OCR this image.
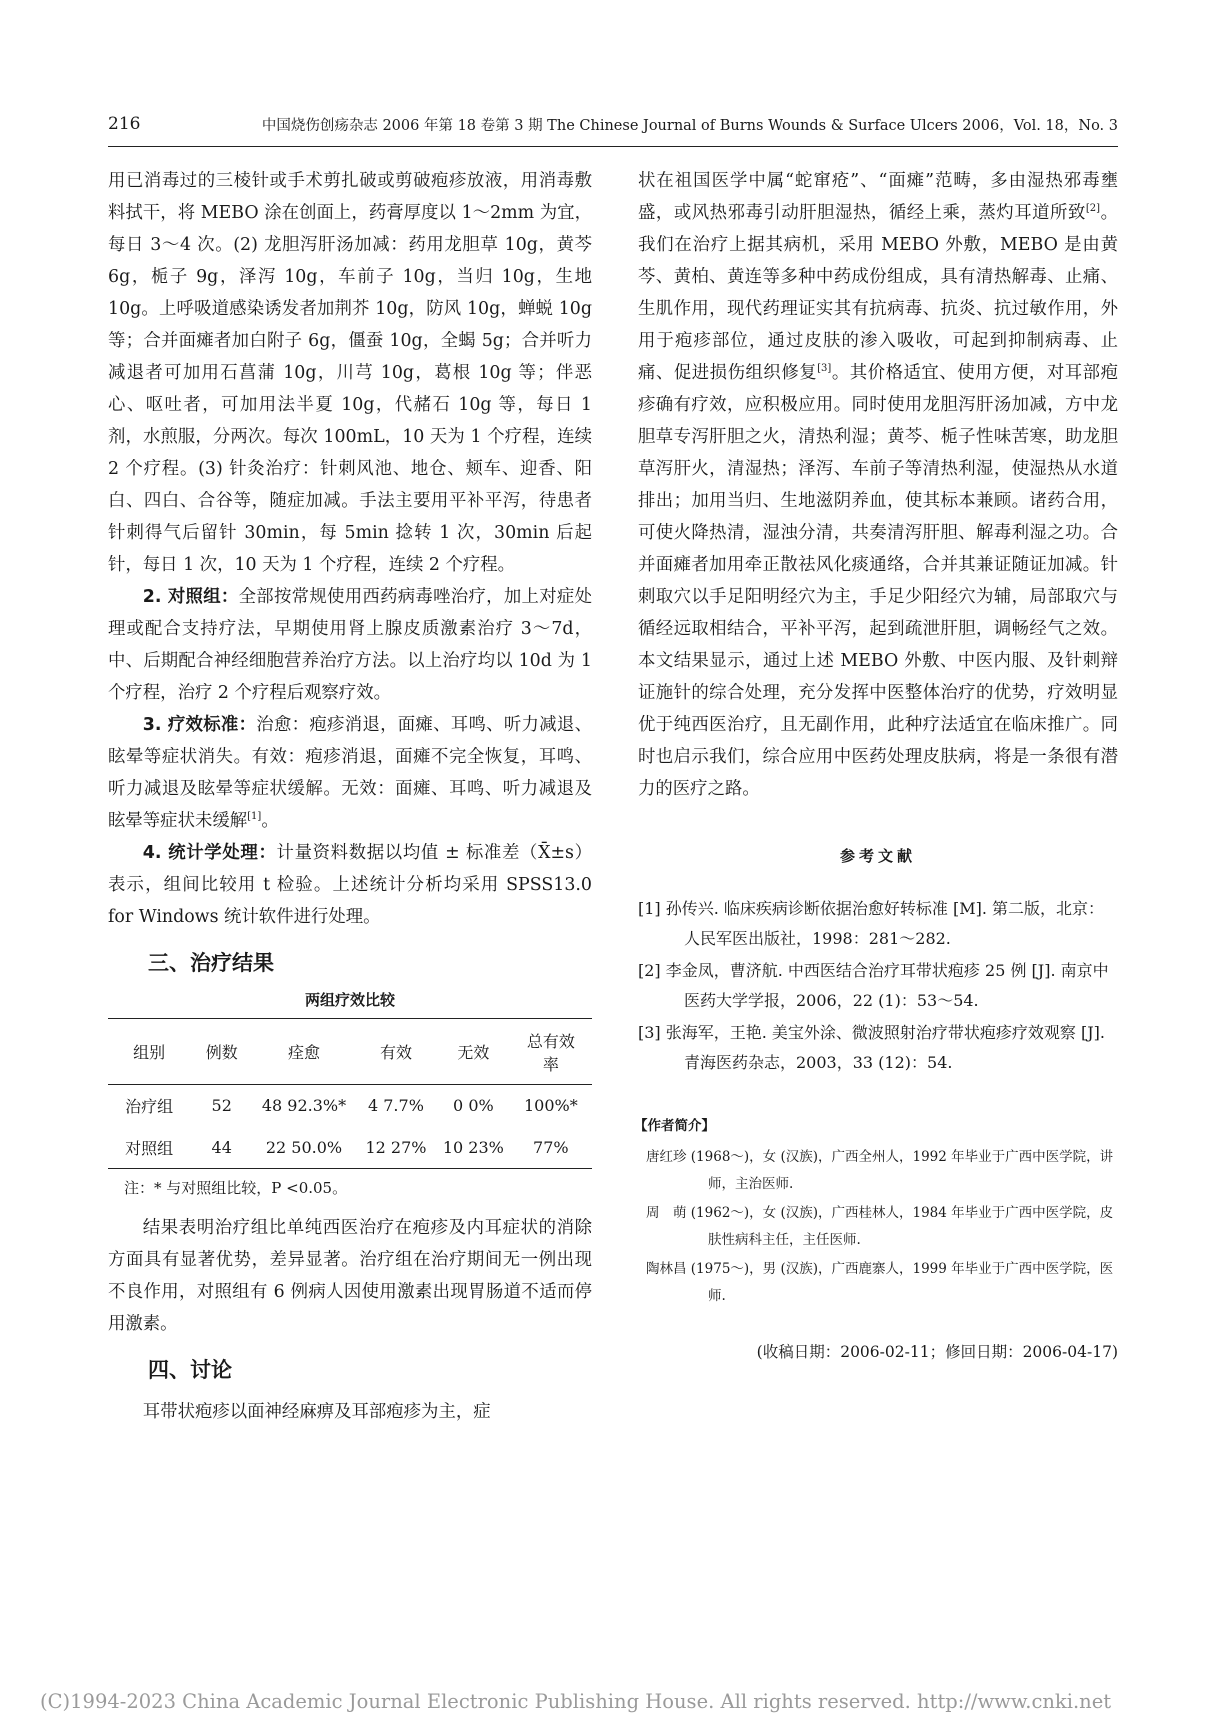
216	中国烧伤创疡杂志 2006 年第 18 卷第 3 期 The Chinese Journal of Burns Wounds & Surface Ulcers 2006，Vol. 18，No. 3

用已消毒过的三棱针或手术剪扎破或剪破疱疹放液，用消毒敷料拭干，将 MEBO 涂在创面上，药膏厚度以 1～2mm 为宜，每日 3～4 次。(2) 龙胆泻肝汤加减：药用龙胆草 10g，黄芩 6g，栀子 9g，泽泻 10g，车前子 10g，当归 10g，生地 10g。上呼吸道感染诱发者加荆芥 10g，防风 10g，蝉蜕 10g 等；合并面瘫者加白附子 6g，僵蚕 10g，全蝎 5g；合并听力减退者可加用石菖蒲 10g，川芎 10g，葛根 10g 等；伴恶心、呕吐者，可加用法半夏 10g，代赭石 10g 等，每日 1 剂，水煎服，分两次。每次 100mL，10 天为 1 个疗程，连续 2 个疗程。(3) 针灸治疗：针刺风池、地仓、颊车、迎香、阳白、四白、合谷等，随症加减。手法主要用平补平泻，待患者针刺得气后留针 30min，每 5min 捻转 1 次，30min 后起针，每日 1 次，10 天为 1 个疗程，连续 2 个疗程。

2. 对照组：全部按常规使用西药病毒唑治疗，加上对症处理或配合支持疗法，早期使用肾上腺皮质激素治疗 3～7d，中、后期配合神经细胞营养治疗方法。以上治疗均以 10d 为 1 个疗程，治疗 2 个疗程后观察疗效。

3. 疗效标准：治愈：疱疹消退，面瘫、耳鸣、听力减退、眩晕等症状消失。有效：疱疹消退，面瘫不完全恢复，耳鸣、听力减退及眩晕等症状缓解。无效：面瘫、耳鸣、听力减退及眩晕等症状未缓解[1]。

4. 统计学处理：计量资料数据以均值 ± 标准差（X̄±s）表示，组间比较用 t 检验。上述统计分析均采用 SPSS13.0 for Windows 统计软件进行处理。

三、治疗结果
两组疗效比较
组别	例数	痊愈	有效	无效	总有效率
治疗组	52	48 92.3%*	4 7.7%	0 0%	100%*
对照组	44	22 50.0%	12 27%	10 23%	77%
注：* 与对照组比较，P <0.05。

结果表明治疗组比单纯西医治疗在疱疹及内耳症状的消除方面具有显著优势，差异显著。治疗组在治疗期间无一例出现不良作用，对照组有 6 例病人因使用激素出现胃肠道不适而停用激素。

四、讨论

耳带状疱疹以面神经麻痹及耳部疱疹为主，症

状在祖国医学中属“蛇窜疮”、“面瘫”范畴，多由湿热邪毒壅盛，或风热邪毒引动肝胆湿热，循经上乘，蒸灼耳道所致[2]。我们在治疗上据其病机，采用 MEBO 外敷，MEBO 是由黄芩、黄柏、黄连等多种中药成份组成，具有清热解毒、止痛、生肌作用，现代药理证实其有抗病毒、抗炎、抗过敏作用，外用于疱疹部位，通过皮肤的渗入吸收，可起到抑制病毒、止痛、促进损伤组织修复[3]。其价格适宜、使用方便，对耳部疱疹确有疗效，应积极应用。同时使用龙胆泻肝汤加减，方中龙胆草专泻肝胆之火，清热利湿；黄芩、栀子性味苦寒，助龙胆草泻肝火，清湿热；泽泻、车前子等清热利湿，使湿热从水道排出；加用当归、生地滋阴养血，使其标本兼顾。诸药合用，可使火降热清，湿浊分清，共奏清泻肝胆、解毒利湿之功。合并面瘫者加用牵正散祛风化痰通络，合并其兼证随证加减。针刺取穴以手足阳明经穴为主，手足少阳经穴为辅，局部取穴与循经远取相结合，平补平泻，起到疏泄肝胆，调畅经气之效。本文结果显示，通过上述 MEBO 外敷、中医内服、及针刺辩证施针的综合处理，充分发挥中医整体治疗的优势，疗效明显优于纯西医治疗，且无副作用，此种疗法适宜在临床推广。同时也启示我们，综合应用中医药处理皮肤病，将是一条很有潜力的医疗之路。

参考文献

[1] 孙传兴. 临床疾病诊断依据治愈好转标准 [M]. 第二版，北京：人民军医出版社，1998：281～282.

[2] 李金凤，曹济航. 中西医结合治疗耳带状疱疹 25 例 [J]. 南京中医药大学学报，2006，22 (1)：53～54.

[3] 张海军，王艳. 美宝外涂、微波照射治疗带状疱疹疗效观察 [J]. 青海医药杂志，2003，33 (12)：54.

【作者简介】

唐红珍 (1968～)，女 (汉族)，广西全州人，1992 年毕业于广西中医学院，讲师，主治医师.

周　萌 (1962～)，女 (汉族)，广西桂林人，1984 年毕业于广西中医学院，皮肤性病科主任，主任医师.

陶林昌 (1975～)，男 (汉族)，广西鹿寨人，1999 年毕业于广西中医学院，医师.

(收稿日期：2006-02-11；修回日期：2006-04-17)
(C)1994-2023 China Academic Journal Electronic Publishing House. All rights reserved. http://www.cnki.net
